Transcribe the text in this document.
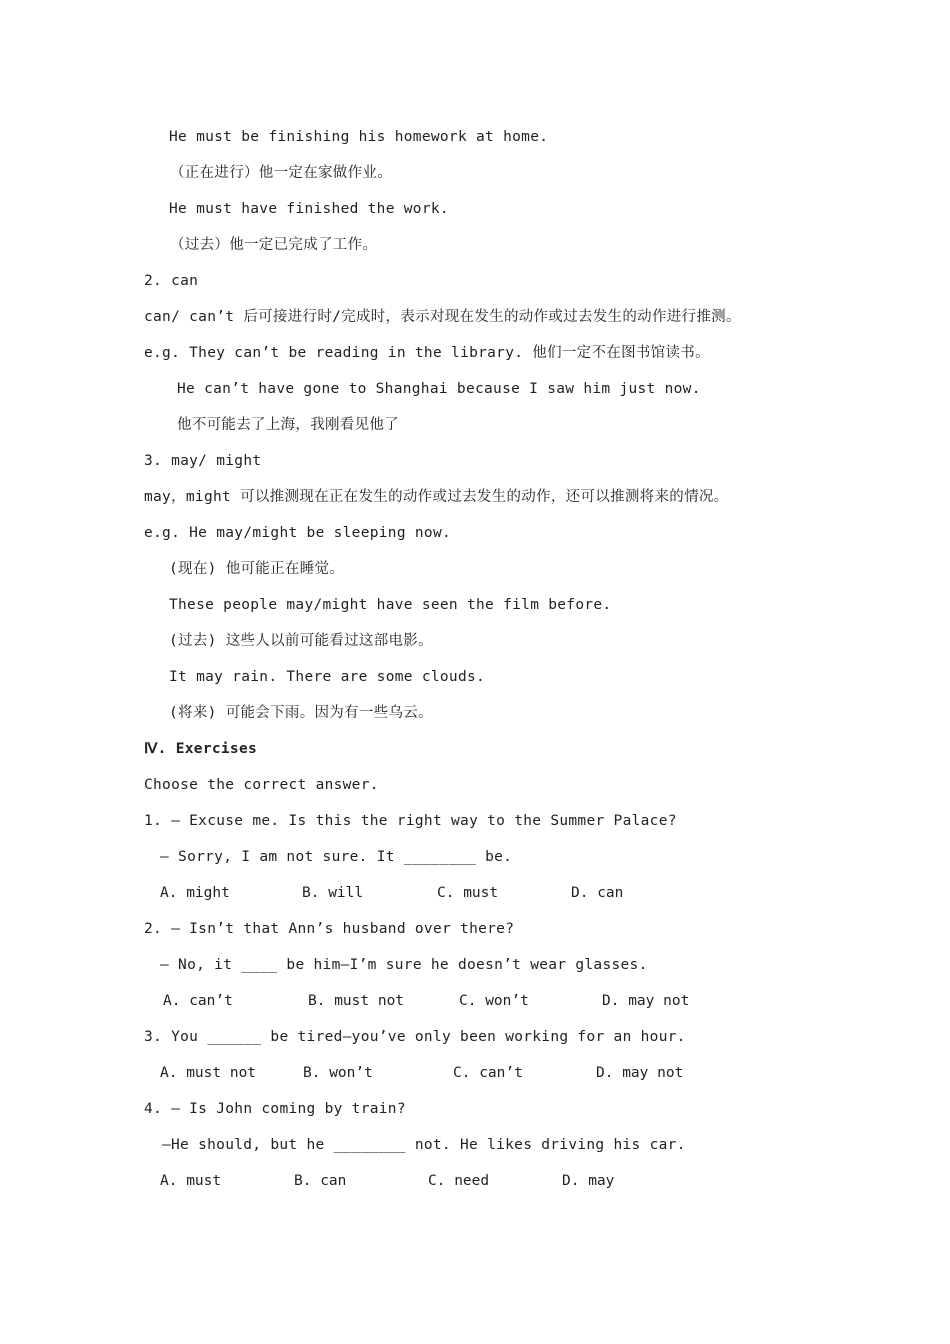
He must be finishing his homework at home.
（正在进行）他一定在家做作业。
He must have finished the work.
（过去）他一定已完成了工作。
2. can
can/ can’t 后可接进行时/完成时，表示对现在发生的动作或过去发生的动作进行推测。
e.g. They can’t be reading in the library. 他们一定不在图书馆读书。
He can’t have gone to Shanghai because I saw him just now.
他不可能去了上海，我刚看见他了
3. may/ might
may，might 可以推测现在正在发生的动作或过去发生的动作，还可以推测将来的情况。
e.g. He may/might be sleeping now.
(现在) 他可能正在睡觉。
These people may/might have seen the film before.
(过去) 这些人以前可能看过这部电影。
It may rain. There are some clouds.
(将来) 可能会下雨。因为有一些乌云。
Ⅳ. Exercises
Choose the correct answer.
1. — Excuse me. Is this the right way to the Summer Palace?
— Sorry, I am not sure. It ________ be.
A. might	B. will	C. must	D. can
2. — Isn’t that Ann’s husband over there?
— No, it ____ be him—I’m sure he doesn’t wear glasses.
A. can’t	B. must not	C. won’t	D. may not
3. You ______ be tired—you’ve only been working for an hour.
A. must not	B. won’t	C. can’t	D. may not
4. — Is John coming by train?
—He should, but he ________ not. He likes driving his car.
A. must	B. can	C. need	D. may
